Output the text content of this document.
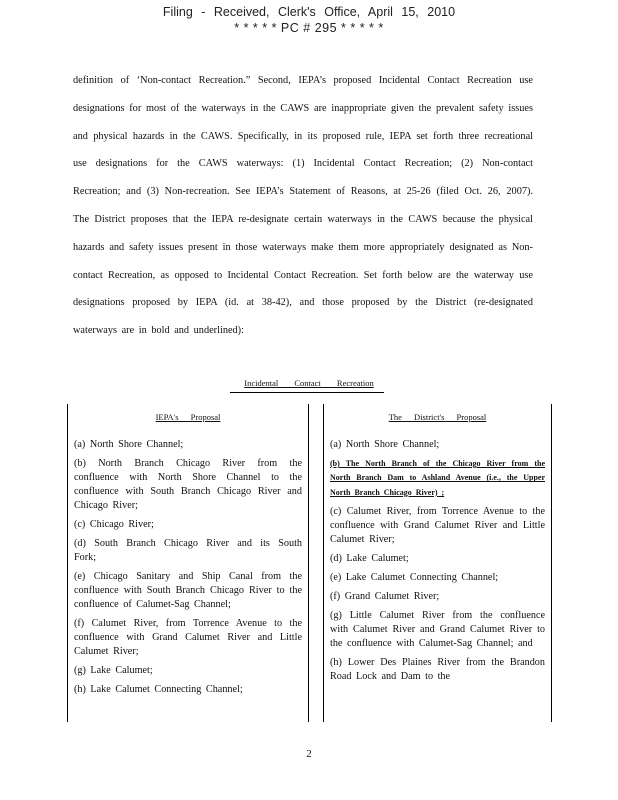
Filing - Received, Clerk's Office, April 15, 2010
* * * * * PC # 295 * * * * *
definition of ‘Non-contact Recreation.” Second, IEPA’s proposed Incidental Contact Recreation use designations for most of the waterways in the CAWS are inappropriate given the prevalent safety issues and physical hazards in the CAWS. Specifically, in its proposed rule, IEPA set forth three recreational use designations for the CAWS waterways: (1) Incidental Contact Recreation; (2) Non-contact Recreation; and (3) Non-recreation. See IEPA’s Statement of Reasons, at 25-26 (filed Oct. 26, 2007). The District proposes that the IEPA re-designate certain waterways in the CAWS because the physical hazards and safety issues present in those waterways make them more appropriately designated as Non-contact Recreation, as opposed to Incidental Contact Recreation. Set forth below are the waterway use designations proposed by IEPA (id. at 38-42), and those proposed by the District (re-designated waterways are in bold and underlined):
Incidental Contact Recreation
IEPA's Proposal
(a) North Shore Channel;
(b) North Branch Chicago River from the confluence with North Shore Channel to the confluence with South Branch Chicago River and Chicago River;
(c) Chicago River;
(d) South Branch Chicago River and its South Fork;
(e) Chicago Sanitary and Ship Canal from the confluence with South Branch Chicago River to the confluence of Calumet-Sag Channel;
(f) Calumet River, from Torrence Avenue to the confluence with Grand Calumet River and Little Calumet River;
(g) Lake Calumet;
(h) Lake Calumet Connecting Channel;
The District's Proposal
(a) North Shore Channel;
(b) The North Branch of the Chicago River from the North Branch Dam to Ashland Avenue (i.e., the Upper North Branch Chicago River) ;
(c) Calumet River, from Torrence Avenue to the confluence with Grand Calumet River and Little Calumet River;
(d) Lake Calumet;
(e) Lake Calumet Connecting Channel;
(f) Grand Calumet River;
(g) Little Calumet River from the confluence with Calumet River and Grand Calumet River to the confluence with Calumet-Sag Channel; and
(h) Lower Des Plaines River from the Brandon Road Lock and Dam to the
2
